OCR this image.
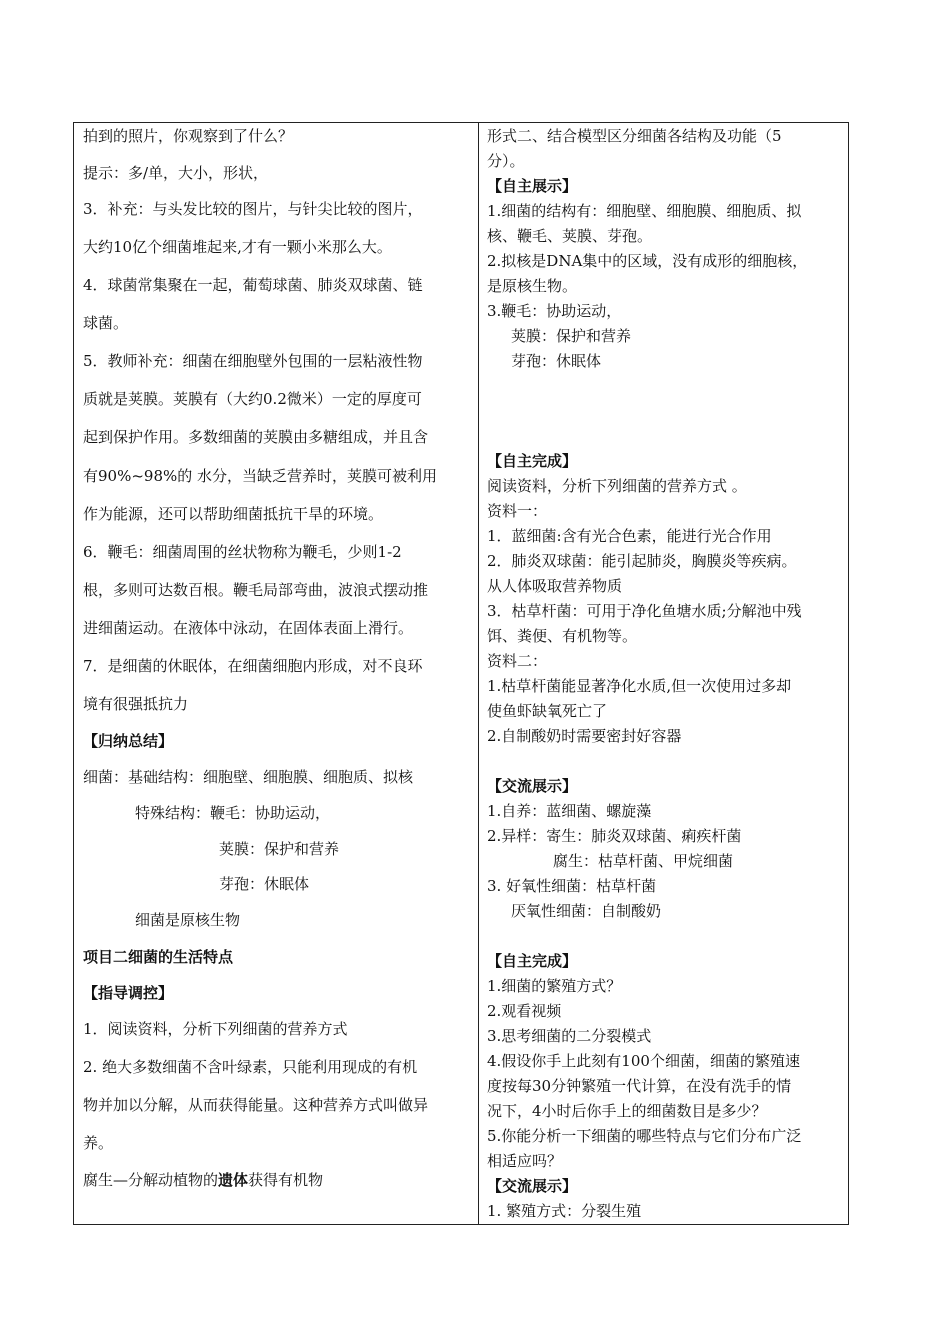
拍到的照片，你观察到了什么？
提示：多/单，大小，形状，
3．补充：与头发比较的图片，与针尖比较的图片，
大约10亿个细菌堆起来,才有一颗小米那么大。
4．球菌常集聚在一起，葡萄球菌、肺炎双球菌、链
球菌。
5．教师补充：细菌在细胞壁外包围的一层粘液性物
质就是荚膜。荚膜有（大约0.2微米）一定的厚度可
起到保护作用。多数细菌的荚膜由多糖组成，并且含
有90%~98%的 水分，当缺乏营养时，荚膜可被利用
作为能源，还可以帮助细菌抵抗干旱的环境。
6．鞭毛：细菌周围的丝状物称为鞭毛，少则1-2
根，多则可达数百根。鞭毛局部弯曲，波浪式摆动推
进细菌运动。在液体中泳动，在固体表面上滑行。
7．是细菌的休眠体，在细菌细胞内形成，对不良环
境有很强抵抗力
【归纳总结】
细菌：基础结构：细胞壁、细胞膜、细胞质、拟核
特殊结构：鞭毛：协助运动，
荚膜：保护和营养
芽孢：休眠体
细菌是原核生物
项目二细菌的生活特点
【指导调控】
1．阅读资料，分析下列细菌的营养方式
2. 绝大多数细菌不含叶绿素，只能利用现成的有机
物并加以分解，从而获得能量。这种营养方式叫做异
养。
腐生—分解动植物的遗体获得有机物
形式二、结合模型区分细菌各结构及功能（5
分）。
【自主展示】
1.细菌的结构有：细胞壁、细胞膜、细胞质、拟
核、鞭毛、荚膜、芽孢。
2.拟核是DNA集中的区域，没有成形的细胞核，
是原核生物。
3.鞭毛：协助运动，
荚膜：保护和营养
芽孢：休眠体
【自主完成】
阅读资料，分析下列细菌的营养方式 。
资料一：
1．蓝细菌:含有光合色素，能进行光合作用
2．肺炎双球菌：能引起肺炎，胸膜炎等疾病。
从人体吸取营养物质
3．枯草杆菌：可用于净化鱼塘水质;分解池中残
饵、粪便、有机物等。
资料二：
1.枯草杆菌能显著净化水质,但一次使用过多却
使鱼虾缺氧死亡了
2.自制酸奶时需要密封好容器
【交流展示】
1.自养：蓝细菌、螺旋藻
2.异样：寄生：肺炎双球菌、痢疾杆菌
腐生：枯草杆菌、甲烷细菌
3. 好氧性细菌：枯草杆菌
厌氧性细菌：自制酸奶
【自主完成】
1.细菌的繁殖方式？
2.观看视频
3.思考细菌的二分裂模式
4.假设你手上此刻有100个细菌，细菌的繁殖速
度按每30分钟繁殖一代计算，在没有洗手的情
况下，4小时后你手上的细菌数目是多少？
5.你能分析一下细菌的哪些特点与它们分布广泛
相适应吗？
【交流展示】
1. 繁殖方式：分裂生殖
